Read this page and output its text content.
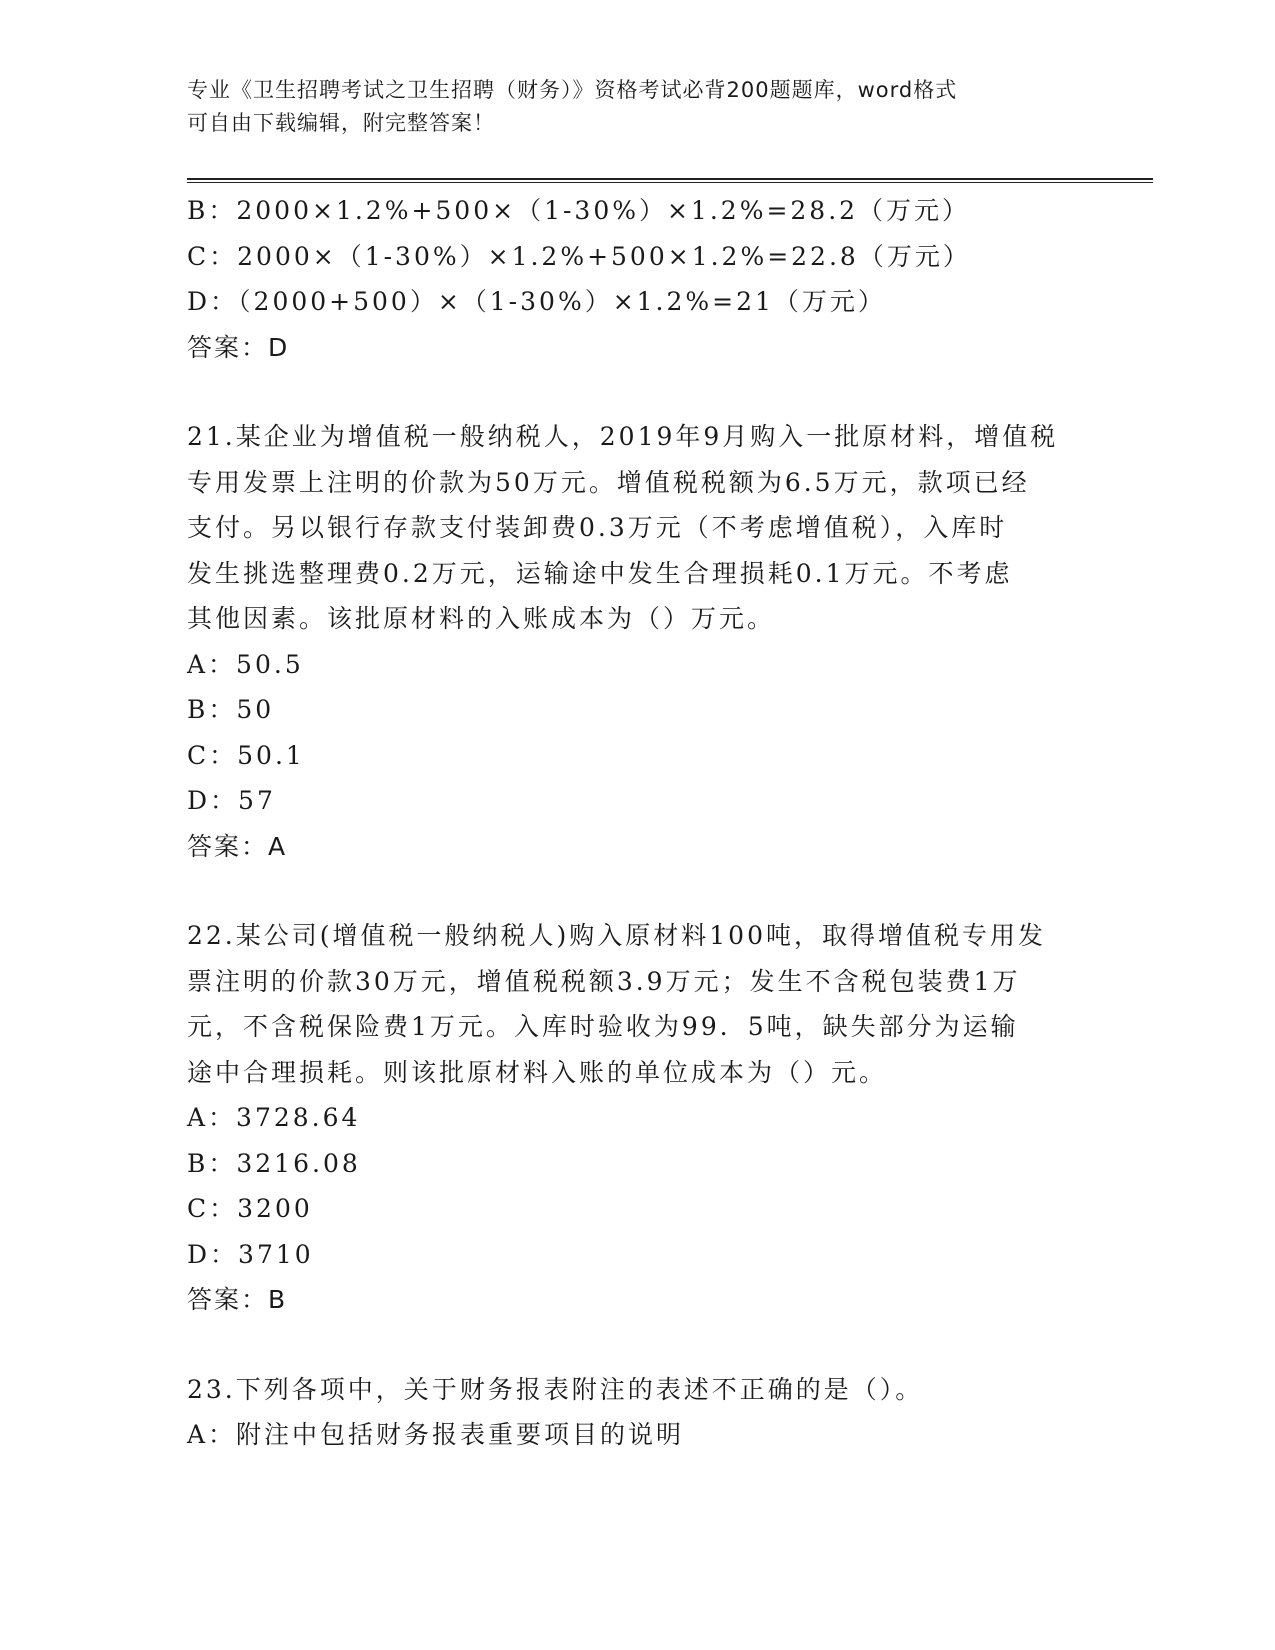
专业《卫生招聘考试之卫生招聘（财务）》资格考试必背200题题库，word格式
可自由下载编辑，附完整答案！
B：2000×1.2%+500×（1-30%）×1.2%=28.2（万元）
C：2000×（1-30%）×1.2%+500×1.2%=22.8（万元）
D：（2000+500）×（1-30%）×1.2%=21（万元）
答案：D
21.某企业为增值税一般纳税人，2019年9月购入一批原材料，增值税
专用发票上注明的价款为50万元。增值税税额为6.5万元，款项已经
支付。另以银行存款支付装卸费0.3万元（不考虑增值税），入库时
发生挑选整理费0.2万元，运输途中发生合理损耗0.1万元。不考虑
其他因素。该批原材料的入账成本为（）万元。
A：50.5
B：50
C：50.1
D：57
答案：A
22.某公司(增值税一般纳税人)购入原材料100吨，取得增值税专用发
票注明的价款30万元，增值税税额3.9万元；发生不含税包装费1万
元，不含税保险费1万元。入库时验收为99．5吨，缺失部分为运输
途中合理损耗。则该批原材料入账的单位成本为（）元。
A：3728.64
B：3216.08
C：3200
D：3710
答案：B
23.下列各项中，关于财务报表附注的表述不正确的是（）。
A：附注中包括财务报表重要项目的说明
